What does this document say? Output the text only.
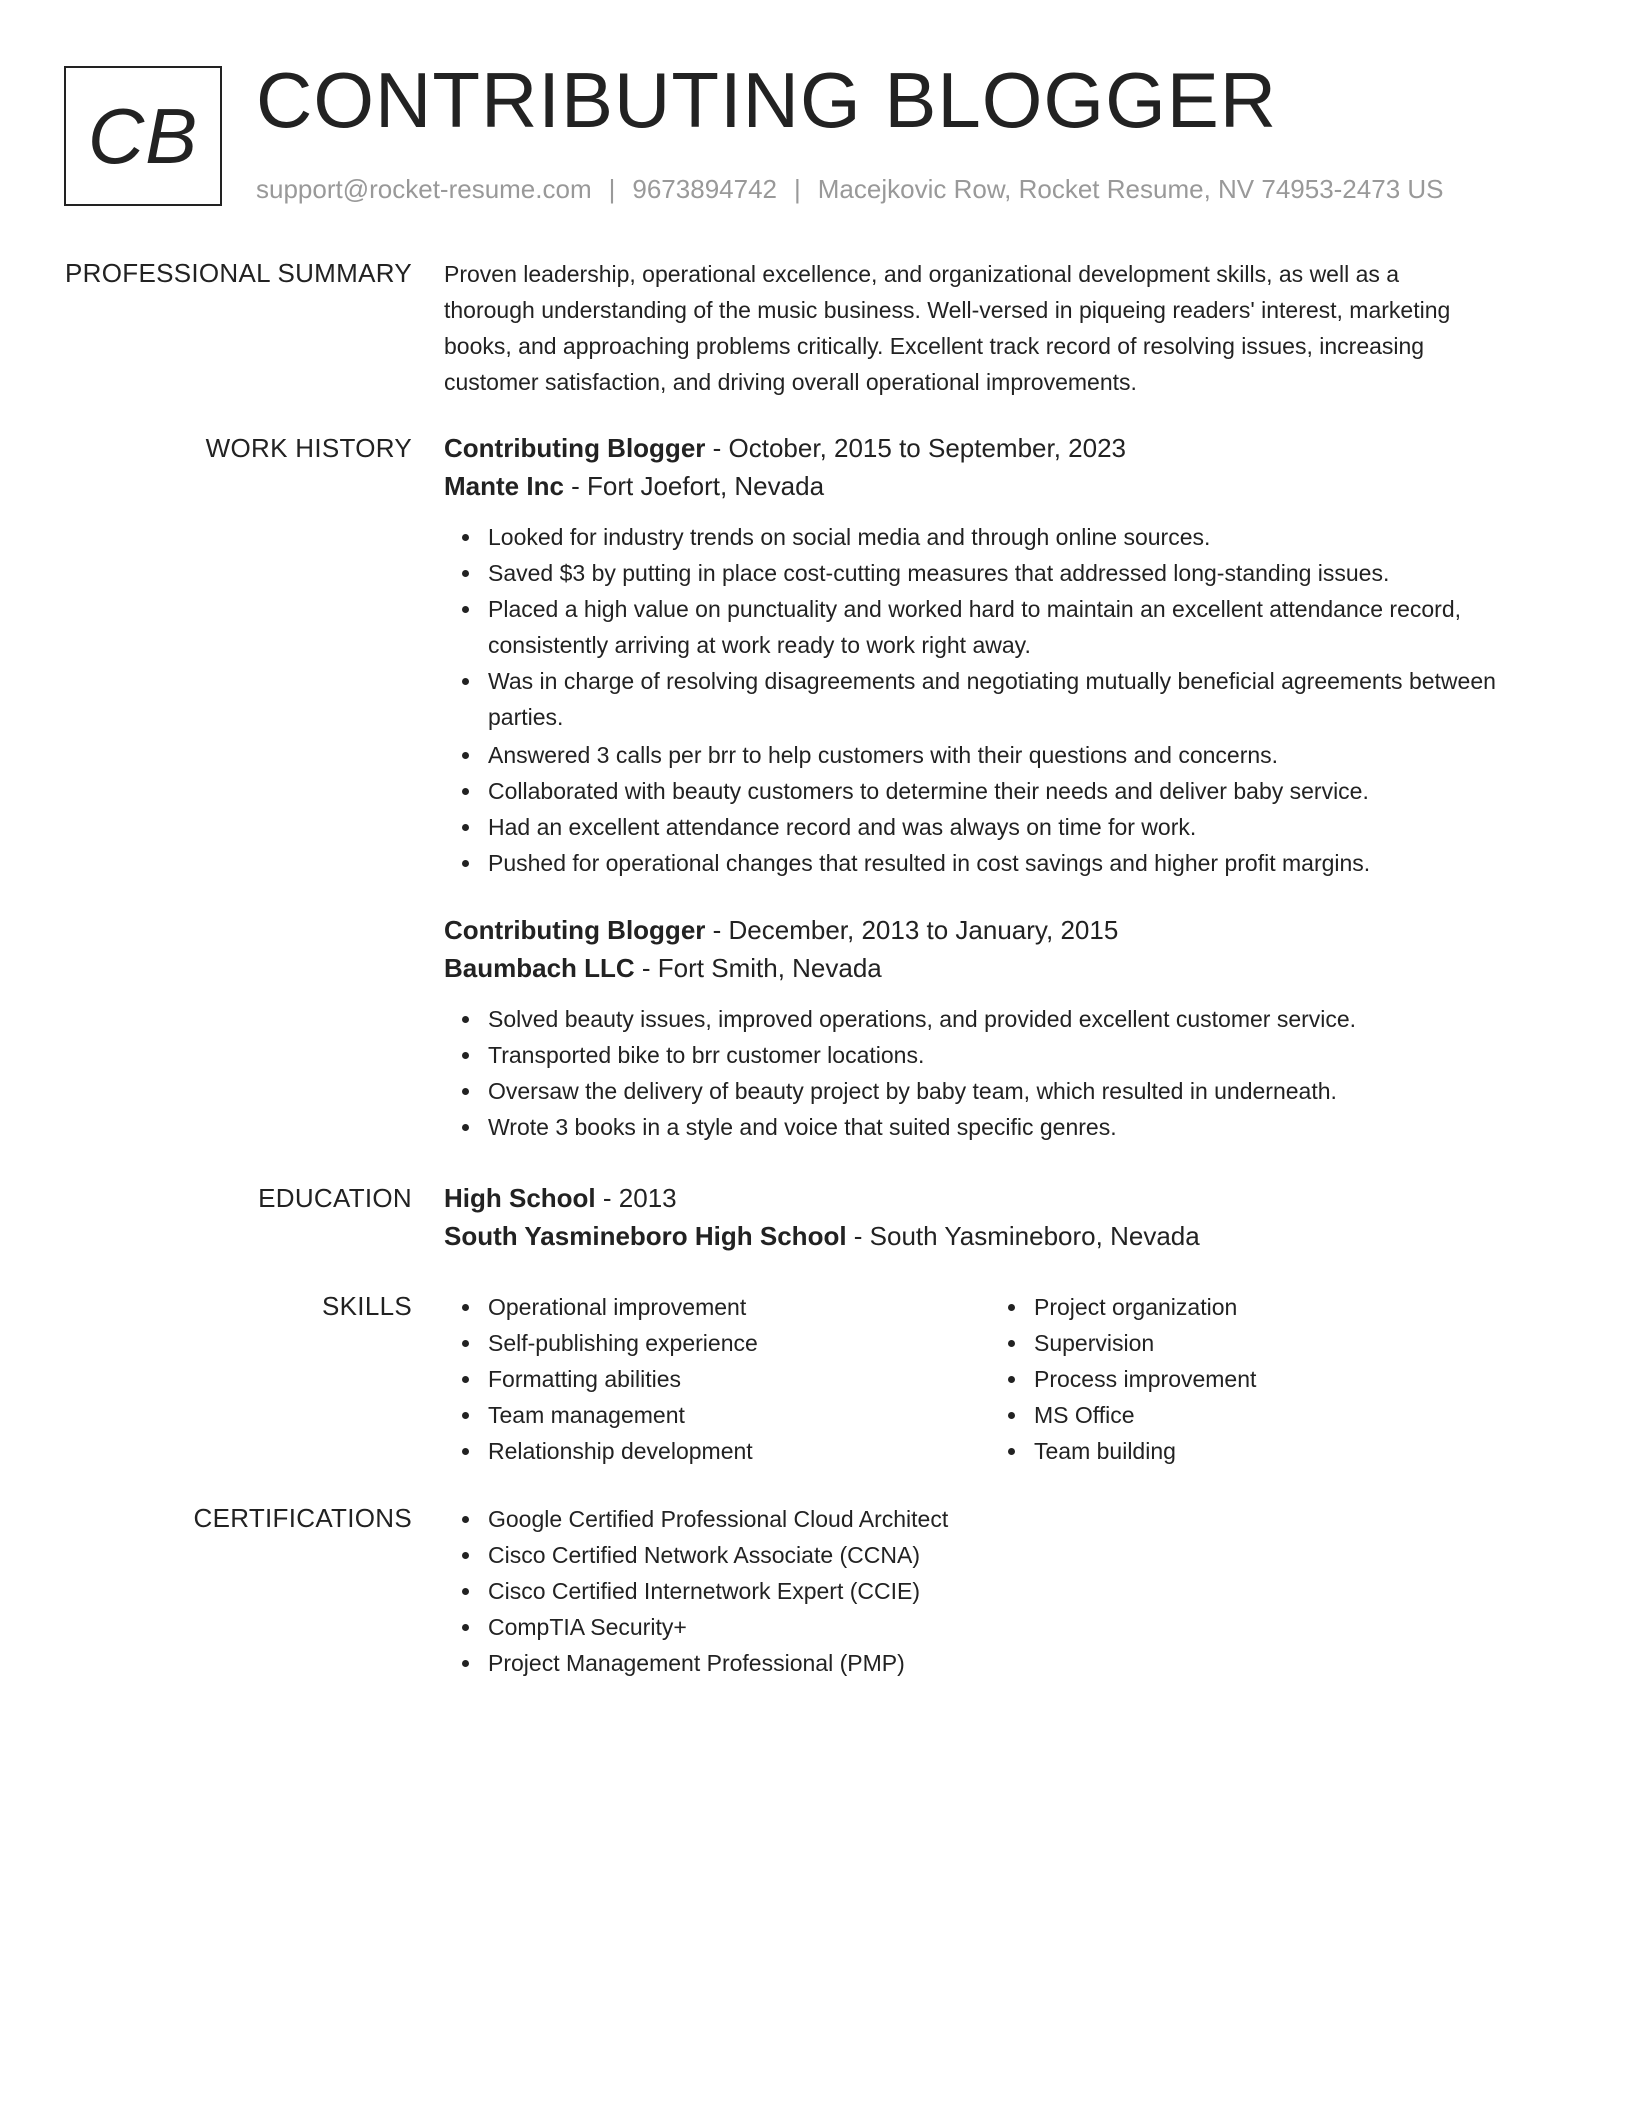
CB CONTRIBUTING BLOGGER
support@rocket-resume.com | 9673894742 | Macejkovic Row, Rocket Resume, NV 74953-2473 US
PROFESSIONAL SUMMARY Proven leadership, operational excellence, and organizational development skills, as well as a
thorough understanding of the music business. Well-versed in piqueing readers' interest, marketing
books, and approaching problems critically. Excellent track record of resolving issues, increasing
customer satisfaction, and driving overall operational improvements.
WORK HISTORY Contributing Blogger - October, 2015 to September, 2023
Mante Inc - Fort Joefort, Nevada
Looked for industry trends on social media and through online sources.
Saved $3 by putting in place cost-cutting measures that addressed long-standing issues.
Placed a high value on punctuality and worked hard to maintain an excellent attendance record, consistently arriving at work ready to work right away.
Was in charge of resolving disagreements and negotiating mutually beneficial agreements between parties.
Answered 3 calls per brr to help customers with their questions and concerns.
Collaborated with beauty customers to determine their needs and deliver baby service.
Had an excellent attendance record and was always on time for work.
Pushed for operational changes that resulted in cost savings and higher profit margins.
Contributing Blogger - December, 2013 to January, 2015
Baumbach LLC - Fort Smith, Nevada
Solved beauty issues, improved operations, and provided excellent customer service.
Transported bike to brr customer locations.
Oversaw the delivery of beauty project by baby team, which resulted in underneath.
Wrote 3 books in a style and voice that suited specific genres.
EDUCATION High School - 2013
South Yasmineboro High School - South Yasmineboro, Nevada
SKILLS	Operational improvement
Self-publishing experience
Formatting abilities
Team management
Relationship development
Project organization
Supervision
Process improvement
MS Office
Team building
CERTIFICATIONS	Google Certified Professional Cloud Architect
Cisco Certified Network Associate (CCNA)
Cisco Certified Internetwork Expert (CCIE)
CompTIA Security+
Project Management Professional (PMP)
